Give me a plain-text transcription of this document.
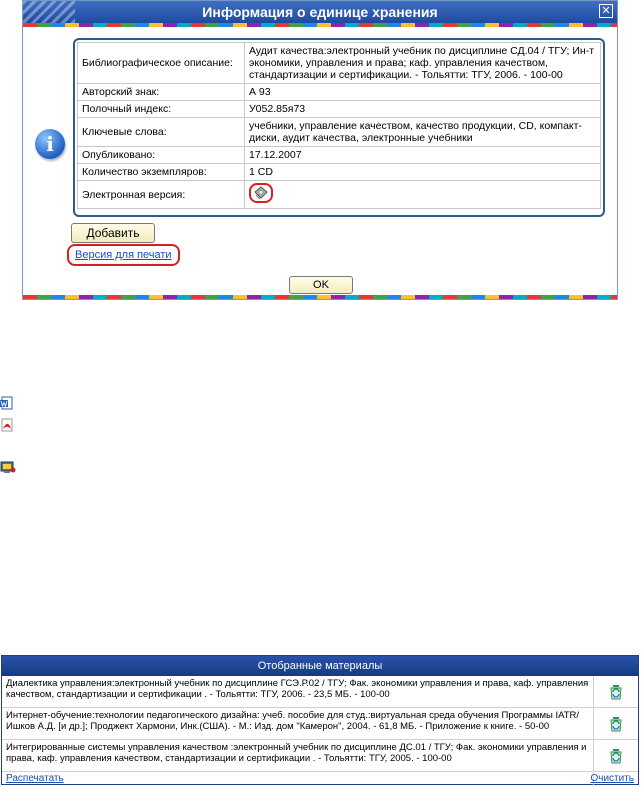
Информация о единице хранения	✕
i
Библиографическое описание:	Аудит качества:электронный учебник по дисциплине СД.04 / ТГУ; Ин-т экономики, управления и права; каф. управления качеством, стандартизации и сертификации. - Тольятти: ТГУ, 2006. - 100-00
Авторский знак:	А 93
Полочный индекс:	У052.85я73
Ключевые слова:	учебники, управление качеством, качество продукции, CD, компакт-диски, аудит качества, электронные учебники
Опубликовано:	17.12.2007
Количество экземпляров:	1 CD
Электронная версия:	
Добавить
Версия для печати
OK
Отобранные материалы
Диалектика управления:электронный учебник по дисциплине ГСЭ.Р.02 / ТГУ; Фак. экономики управления и права, каф. управления качеством, стандартизации и сертификации . - Тольятти: ТГУ, 2006. - 23,5 МБ. - 100-00
Интернет-обучение:технологии педагогического дизайна: учеб. пособие для студ.:виртуальная среда обучения Программы IATR/ Ишков А.Д. [и др.]; Проджект Хармони, Инк.(США). - М.: Изд. дом "Камерон", 2004. - 61,8 МБ. - Приложение к книге. - 50-00
Интегрированные системы управления качеством :электронный учебник по дисциплине ДС.01 / ТГУ; Фак. экономики управления и права, каф. управления качеством, стандартизации и сертификации . - Тольятти: ТГУ, 2005. - 100-00
Распечатать	Очистить
